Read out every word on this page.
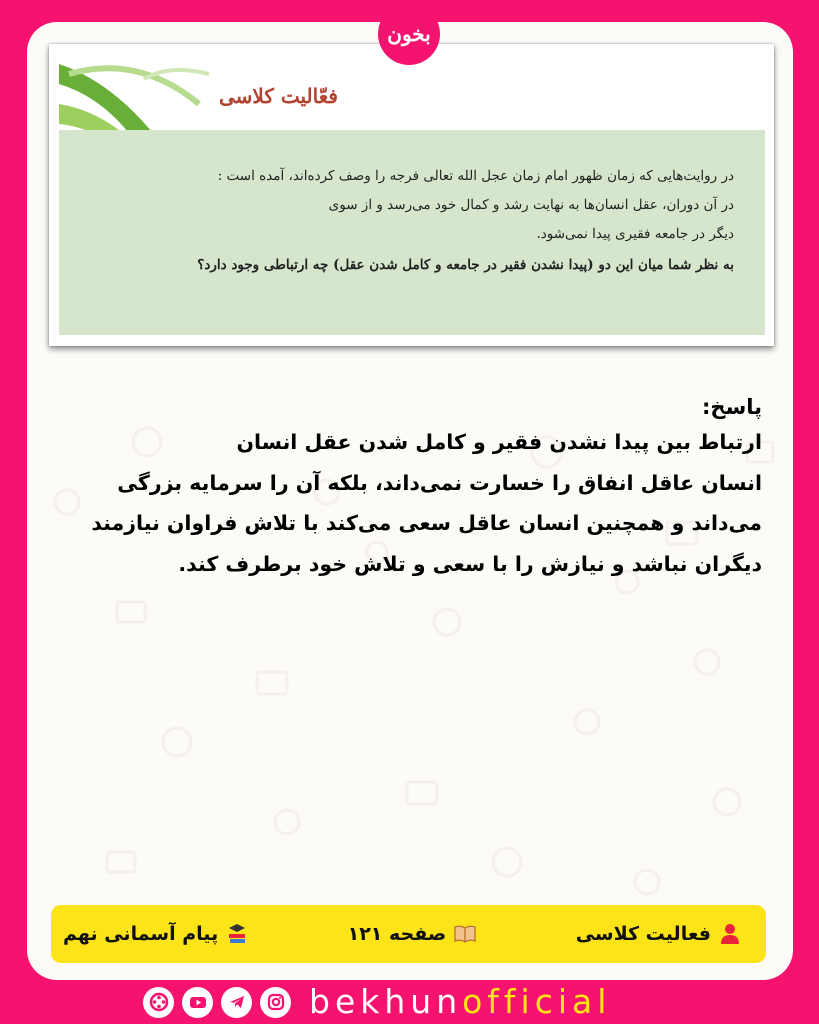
بخون
فعّالیت کلاسی

در روایت‌هایی که زمان ظهور امام زمان عجل الله تعالی فرجه را وصف کرده‌اند، آمده است :

در آن دوران، عقل انسان‌ها به نهایت رشد و کمال خود می‌رسد و از سوی

دیگر در جامعه فقیری پیدا نمی‌شود.

به نظر شما میان این دو (پیدا نشدن فقیر در جامعه و کامل شدن عقل) چه ارتباطی وجود دارد؟

پاسخ:
ارتباط بین پیدا نشدن فقیر و کامل شدن عقل انسان
انسان عاقل انفاق را خسارت نمی‌داند، بلکه آن را سرمایه بزرگی
می‌داند و همچنین انسان عاقل سعی می‌کند با تلاش فراوان نیازمند
دیگران نباشد و نیازش را با سعی و تلاش خود برطرف کند.
فعالیت کلاسی
صفحه ۱۲۱
پیام آسمانی نهم
bekhunofficial
